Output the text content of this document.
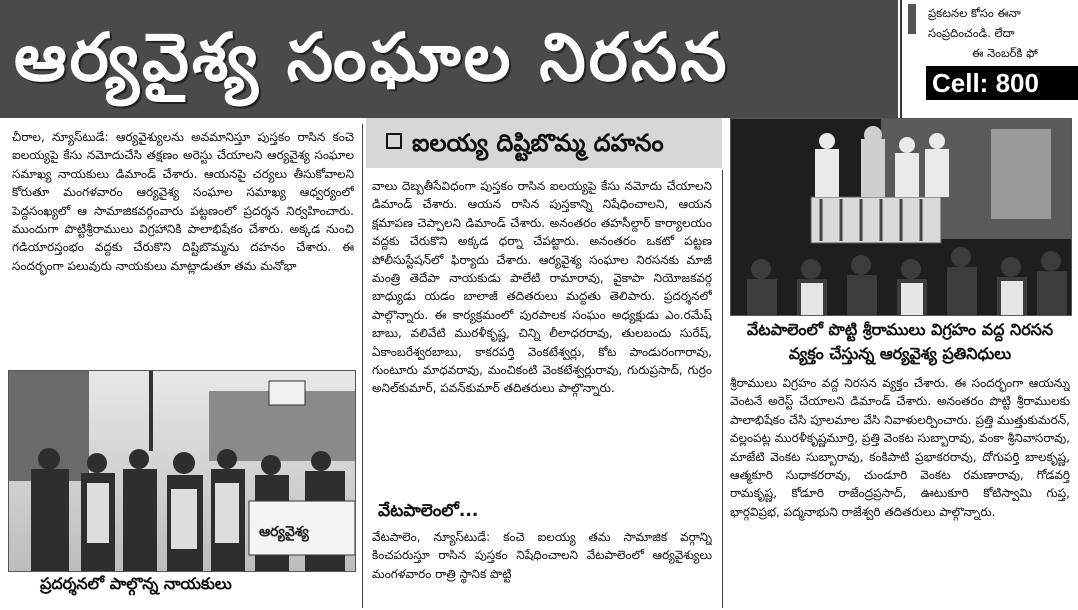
ఆర్యవైశ్య సంఘాల నిరసన
ప్రకటనల కోసం ఈనా
సంప్రదించండి. లేదా
ఈ నెంబర్‌కి ఫో
Cell: 800

చీరాల, న్యూస్‌టుడే: ఆర్యవైశ్యులను అవమానిస్తూ పుస్తకం రాసిన కంచె ఐలయ్యపై కేసు నమోదుచేసి తక్షణం అరెస్టు చేయాలని ఆర్యవైశ్య సంఘాల సమాఖ్య నాయకులు డిమాండ్ చేశారు. ఆయనపై చర్యలు తీసుకోవాలని కోరుతూ మంగళవారం ఆర్యవైశ్య సంఘాల సమాఖ్య ఆధ్వర్యంలో పెద్దసంఖ్యలో ఆ సామాజికవర్గంవారు పట్టణంలో ప్రదర్శన నిర్వహించారు. ముందుగా పొట్టిశ్రీరాములు విగ్రహానికి పాలాభిషేకం చేశారు. అక్కడ నుంచి గడియారస్తంభం వద్దకు చేరుకొని దిష్టిబొమ్మను దహనం చేశారు. ఈ సందర్భంగా పలువురు నాయకులు మాట్లాడుతూ తమ మనోభా

ఆర్యవైశ్య
ప్రదర్శనలో పాల్గొన్న నాయకులు
ఐలయ్య దిష్టిబొమ్మ దహనం

వాలు దెబ్బతీసేవిధంగా పుస్తకం రాసిన ఐలయ్యపై కేసు నమోదు చేయాలని డిమాండ్ చేశారు. ఆయన రాసిన పుస్తకాన్ని నిషేధించాలని, ఆయన క్షమాపణ చెప్పాలని డిమాండ్ చేశారు. అనంతరం తహసీల్దార్ కార్యాలయం వద్దకు చేరుకొని అక్కడ ధర్నా చేపట్టారు. అనంతరం ఒకటో పట్టణ పోలీసుస్టేషన్‌లో ఫిర్యాదు చేశారు. ఆర్యవైశ్య సంఘాల నిరసనకు మాజీ మంత్రి తెదేపా నాయకుడు పాలేటి రామారావు, వైకాపా నియోజకవర్గ బాధ్యుడు యడం బాలాజీ తదితరులు మద్దతు తెలిపారు. ప్రదర్శనలో పాల్గొన్నారు. ఈ కార్యక్రమంలో పురపాలక సంఘం అధ్యక్షుడు ఎం.రమేష్ బాబు, వలివేటి మురళీకృష్ణ, చిన్ని లీలాధరరావు, తులబందు సురేష్, ఏకాంబరేశ్వరబాబు, కాకరపర్తి వెంకటేశ్వర్లు, కోట పాండురంగారావు, గుంటూరు మాధవరావు, మంచికంటి వెంకటేశ్వర్లురావు, గురుప్రసాద్, గుర్రం అనిల్‌కుమార్, పవన్‌కుమార్ తదితరులు పాల్గొన్నారు.

వేటపాలెంలో...

వేటపాలెం, న్యూస్‌టుడే: కంచె ఐలయ్య తమ సామాజిక వర్గాన్ని కించపరుస్తూ రాసిన పుస్తకం నిషేధించాలని వేటపాలెంలో ఆర్యవైశ్యులు మంగళవారం రాత్రి స్థానిక పొట్టి

వేటపాలెంలో పొట్టి శ్రీరాములు విగ్రహం వద్ద నిరసన వ్యక్తం చేస్తున్న ఆర్యవైశ్య ప్రతినిధులు

శ్రీరాములు విగ్రహం వద్ద నిరసన వ్యక్తం చేశారు. ఈ సందర్భంగా ఆయన్ను వెంటనే అరెస్ట్ చేయాలని డిమాండ్ చేశారు. అనంతరం పొట్టి శ్రీరాములకు పాలాభిషేకం చేసి పూలమాల వేసి నివాళులర్పించారు. ప్రత్తి ముత్తుకుమరన్, వల్లంపట్ల మురళీకృష్ణమూర్తి, ప్రత్తి వెంకట సుబ్బారావు, వంకా శ్రీనివాసరావు, మాజేటి వెంకట సుబ్బారావు, కంకిపాటి ప్రభాకరరావు, దోగుపర్తి బాలకృష్ణ, ఆత్మకూరి సుధాకరరావు, చుండూరి వెంకట రమణారావు, గోడవర్తి రామకృష్ణ, కోడూరి రాజేంద్రప్రసాద్, ఊటుకూరి కోటిస్వామి గుప్త, భార్గవిప్రభ, పద్మనాభుని రాజేశ్వరి తదితరులు పాల్గొన్నారు.
